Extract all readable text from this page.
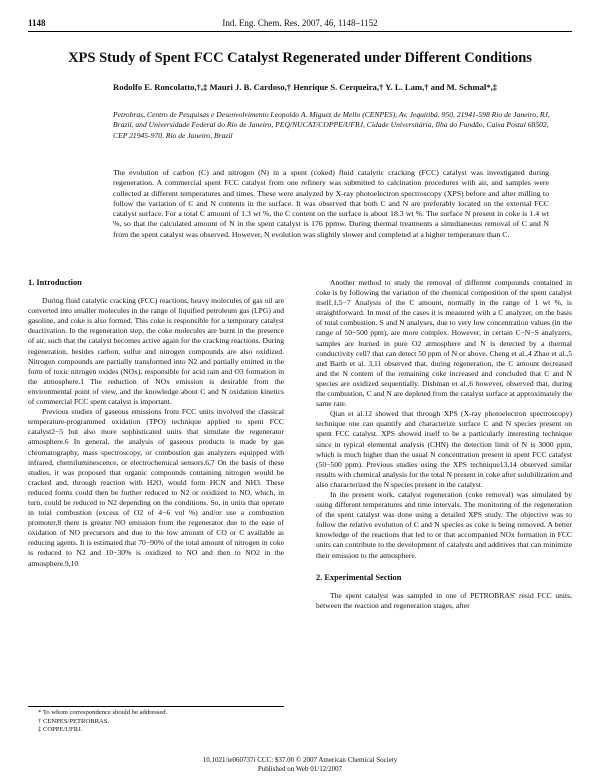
1148	Ind. Eng. Chem. Res. 2007, 46, 1148–1152
XPS Study of Spent FCC Catalyst Regenerated under Different Conditions
Rodolfo E. Roncolatto,†,‡ Mauri J. B. Cardoso,† Henrique S. Cerqueira,† Y. L. Lam,† and M. Schmal*,‡
Petrobras, Centro de Pesquisas e Desenvolvimento Leopoldo A. Miguez de Mello (CENPES), Av. Jequitibá, 950, 21941-598 Rio de Janeiro, RJ, Brazil, and Universidade Federal do Rio de Janeiro, PEQ/NUCAT/COPPE/UFRJ, Cidade Universitária, Ilha do Fundão, Caixa Postal 68502, CEP 21945-970, Rio de Janeiro, Brazil
The evolution of carbon (C) and nitrogen (N) in a spent (coked) fluid catalytic cracking (FCC) catalyst was investigated during regeneration. A commercial spent FCC catalyst from one refinery was submitted to calcination procedures with air, and samples were collected at different temperatures and times. These were analyzed by X-ray photoelectron spectroscopy (XPS) before and after milling to follow the variation of C and N contents in the surface. It was observed that both C and N are preferably located on the external FCC catalyst surface. For a total C amount of 1.3 wt %, the C content on the surface is about 18.3 wt %. The surface N present in coke is 1.4 wt %, so that the calculated amount of N in the spent catalyst is 176 ppmw. During thermal treatments a simultaneous removal of C and N from the spent catalyst was observed. However, N evolution was slightly slower and completed at a higher temperature than C.
1. Introduction

During fluid catalytic cracking (FCC) reactions, heavy molecules of gas oil are converted into smaller molecules in the range of liquified petroleum gas (LPG) and gasoline, and coke is also formed. This coke is responsible for a temporary catalyst deactivation. In the regeneration step, the coke molecules are burnt in the presence of air, such that the catalyst becomes active again for the cracking reactions. During regeneration, besides carbon, sulfur and nitrogen compounds are also oxidized. Nitrogen compounds are partially transformed into N2 and partially emitted in the form of toxic nitrogen oxides (NOx), responsible for acid rain and O3 formation in the atmosphere.1 The reduction of NOx emission is desirable from the environmental point of view, and the knowledge about C and N oxidation kinetics of commercial FCC spent catalyst is important.

Previous studies of gaseous emissions from FCC units involved the classical temperature-programmed oxidation (TPO) technique applied to spent FCC catalyst2−5 but also more sophisticated units that simulate the regenerator atmosphere.6 In general, the analysis of gaseous products is made by gas chromatography, mass spectroscopy, or combustion gas analyzers equipped with infrared, chemiluminescence, or electrochemical sensors.6,7 On the basis of these studies, it was proposed that organic compounds containing nitrogen would be cracked and, through reaction with H2O, would form HCN and NH3. These reduced forms could then be further reduced to N2 or oxidized to NO, which, in turn, could be reduced to N2 depending on the conditions. So, in units that operate in total combustion (excess of O2 of 4−6 vol %) and/or use a combustion promoter,8 there is greater NO emission from the regenerator due to the ease of oxidation of NO precursors and due to the low amount of CO or C available as reducing agents. It is estimated that 70−90% of the total amount of nitrogen in coke is reduced to N2 and 10−30% is oxidized to NO and then to NO2 in the atmosphere.9,10

Another method to study the removal of different compounds contained in coke is by following the variation of the chemical composition of the spent catalyst itself.1,5−7 Analysis of the C amount, normally in the range of 1 wt %, is straightforward. In most of the cases it is measured with a C analyzer, on the basis of total combustion. S and N analyses, due to very low concentration values (in the range of 50−500 ppm), are more complex. However, in certain C−N−S analyzers, samples are burned in pure O2 atmosphere and N is detected by a thermal conductivity cell? that can detect 50 ppm of N or above. Cheng et al.,4 Zhao et al.,5 and Barth et al. 3,11 observed that, during regeneration, the C amount decreased and the N content of the remaining coke increased and concluded that C and N species are oxidized sequentially. Dishman et al.,6 however, observed that, during the combustion, C and N are depleted from the catalyst surface at approximately the same rate.

Qian et al.12 showed that through XPS (X-ray photoelectron spectroscopy) technique one can quantify and characterize surface C and N species present on spent FCC catalyst. XPS showed itself to be a particularly interesting technique since in typical elemental analysis (CHN) the detection limit of N is 3000 ppm, which is much higher than the usual N concentration present in spent FCC catalyst (50−500 ppm). Previous studies using the XPS technique13,14 observed similar results with chemical analysis for the total N present in coke after solubilization and also characterized the N species present in the catalyst.

In the present work, catalyst regeneration (coke removal) was simulated by using different temperatures and time intervals. The monitoring of the regeneration of the spent catalyst was done using a detailed XPS study. The objective was to follow the relative evolution of C and N species as coke is being removed. A better knowledge of the reactions that led to or that accompanied NOx formation in FCC units can contribute to the development of catalysts and additives that can minimize their emission to the atmosphere.

2. Experimental Section

The spent catalyst was sampled in one of PETROBRAS' resid FCC units, between the reaction and regeneration stages, after

* To whom correspondence should be addressed.
† CENPES/PETROBRAS.
‡ COPPE/UFRJ.
10.1021/ie060737i CCC: $37.00 © 2007 American Chemical Society
Published on Web 01/12/2007
